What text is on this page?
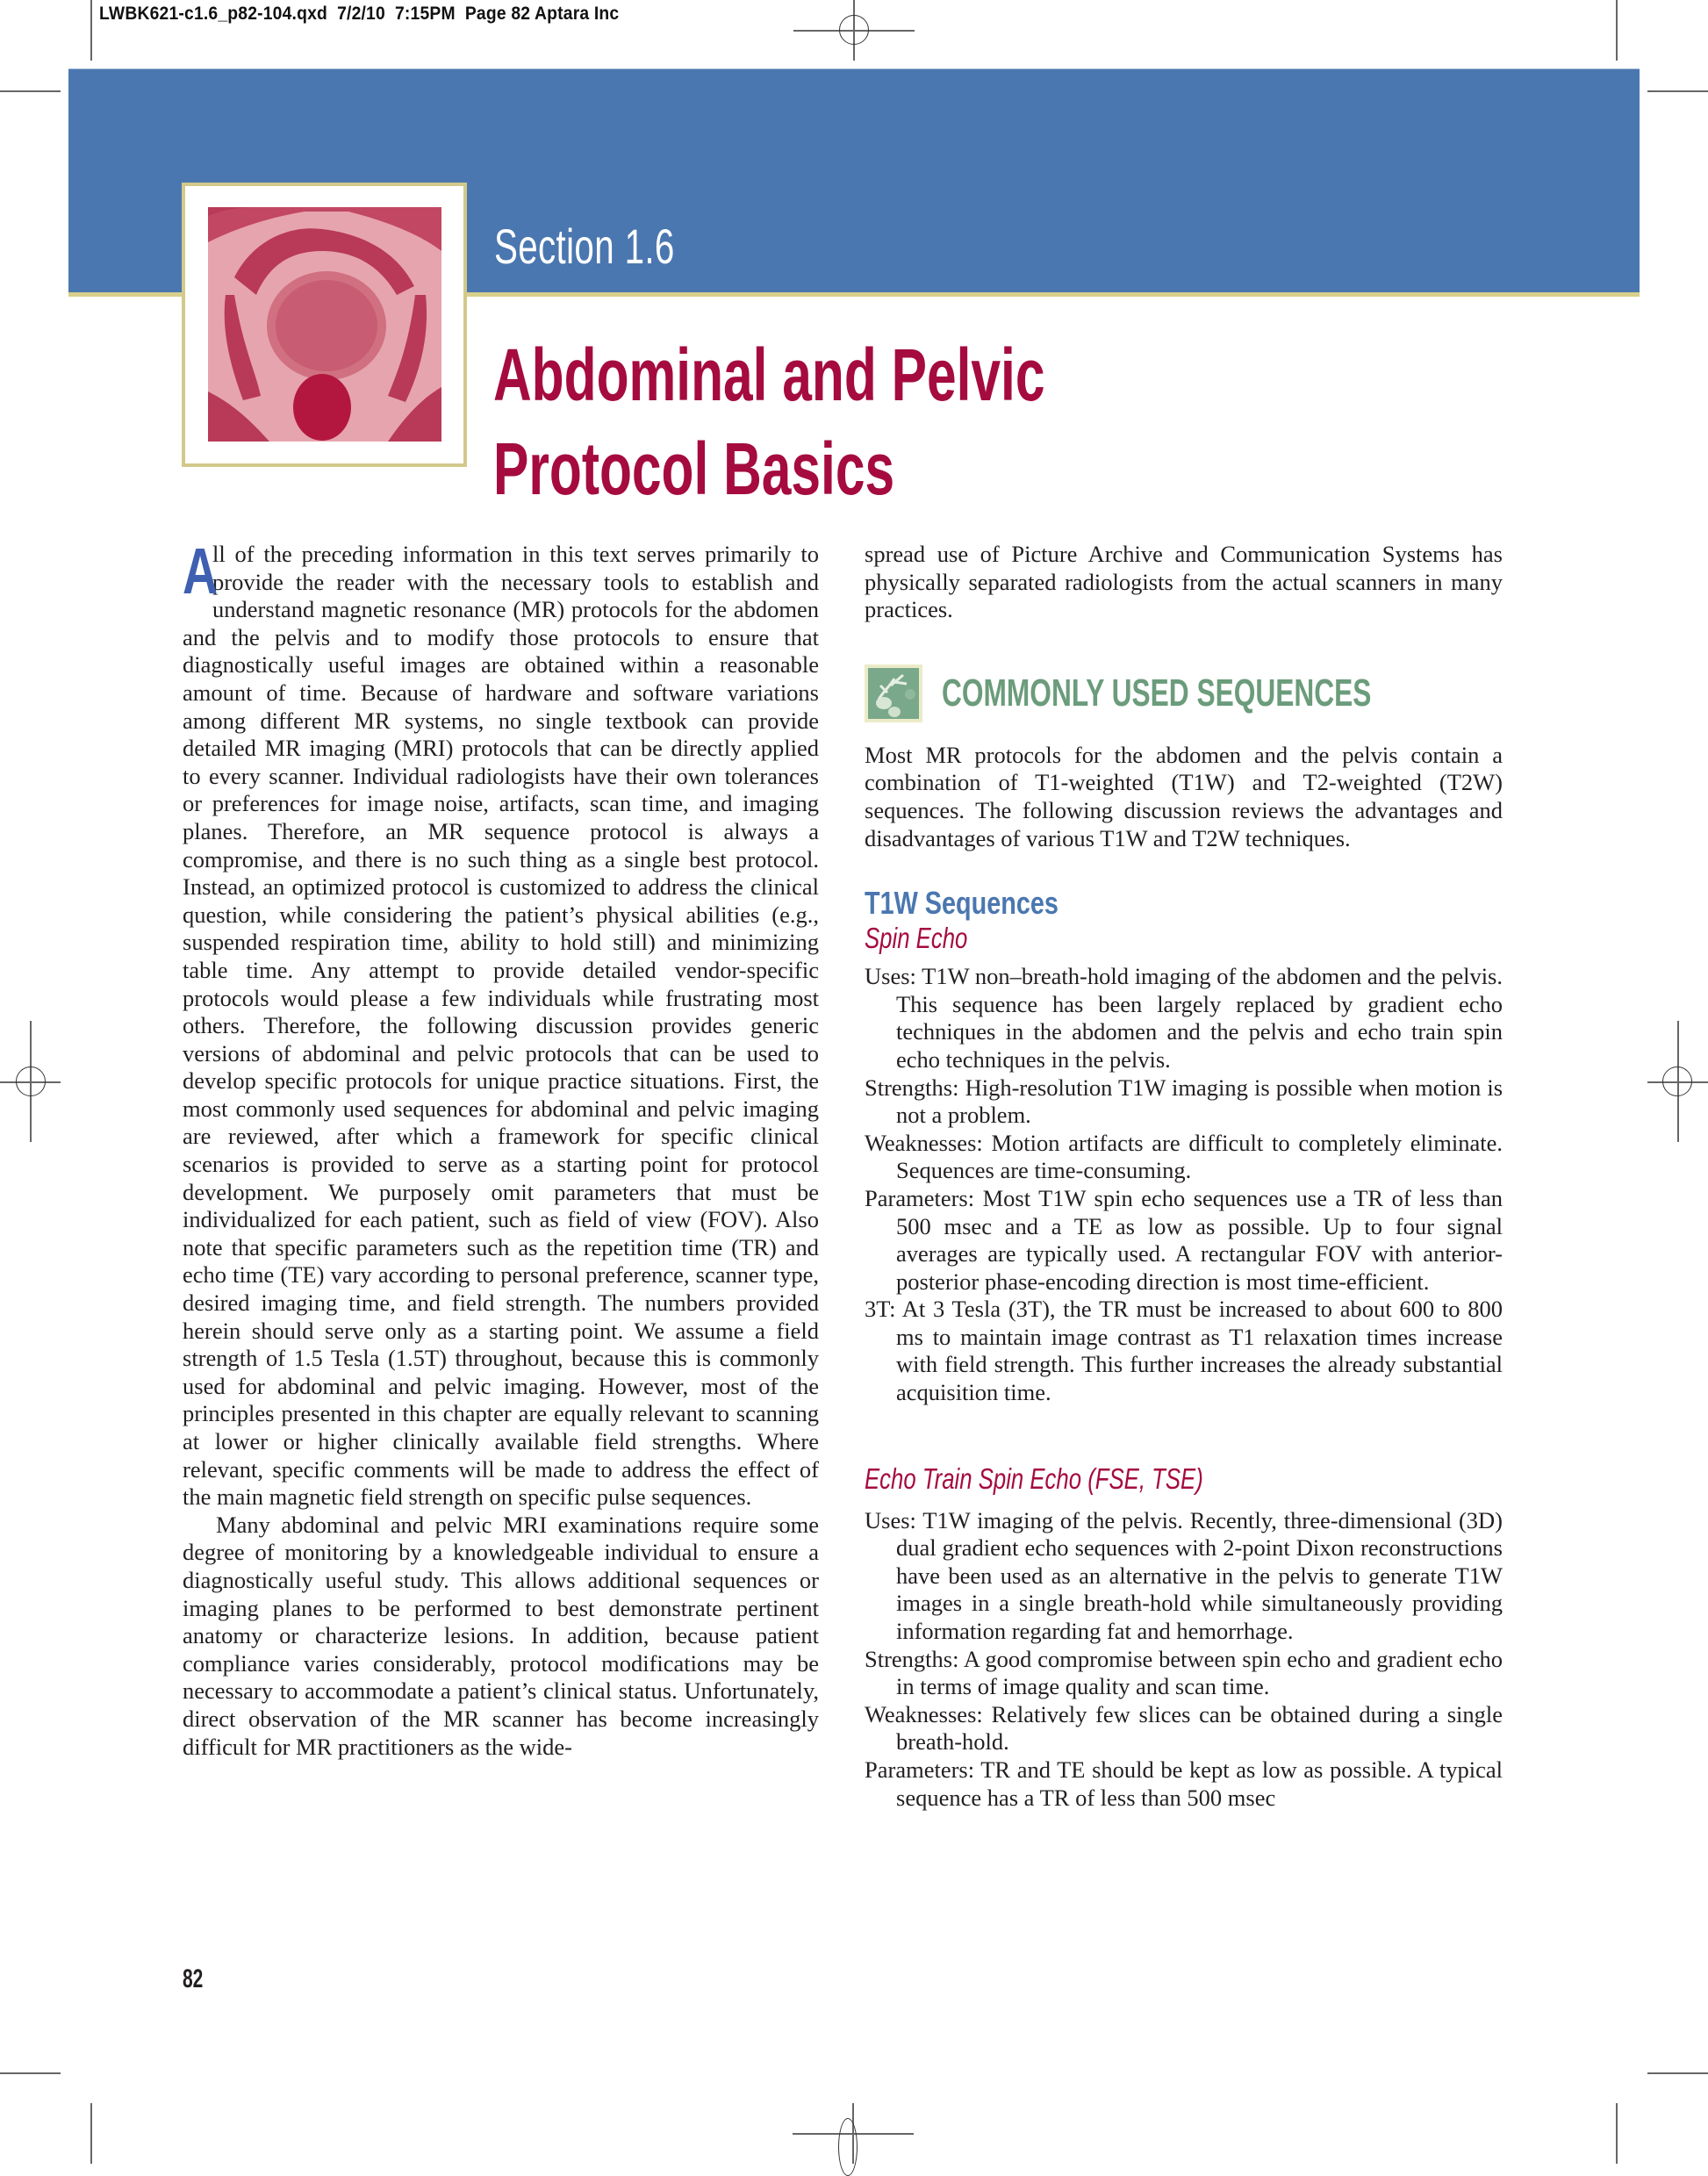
LWBK621-c1.6_p82-104.qxd  7/2/10  7:15PM  Page 82 Aptara Inc
Section 1.6
Abdominal and Pelvic
Protocol Basics

A
ll of the preceding information in this text serves primarily to provide the reader with the necessary tools to establish and understand magnetic resonance (MR) protocols for the abdomen and the pelvis and to modify those protocols to ensure that diagnostically useful images are obtained within a reasonable amount of time. Because of hardware and software variations among different MR systems, no single textbook can provide detailed MR imaging (MRI) protocols that can be directly applied to every scanner. Individual radiologists have their own tolerances or preferences for image noise, artifacts, scan time, and imaging planes. Therefore, an MR sequence protocol is always a compromise, and there is no such thing as a single best protocol. Instead, an optimized protocol is customized to address the clinical question, while considering the patient’s physical abilities (e.g., suspended respiration time, ability to hold still) and minimizing table time. Any attempt to provide detailed vendor-specific protocols would please a few individuals while frustrating most others. Therefore, the following discussion provides generic versions of abdominal and pelvic protocols that can be used to develop specific protocols for unique practice situations. First, the most commonly used sequences for abdominal and pelvic imaging are reviewed, after which a framework for specific clinical scenarios is provided to serve as a starting point for protocol development. We purposely omit parameters that must be individualized for each patient, such as field of view (FOV). Also note that specific parameters such as the repetition time (TR) and echo time (TE) vary according to personal preference, scanner type, desired imaging time, and field strength. The numbers provided herein should serve only as a starting point. We assume a field strength of 1.5 Tesla (1.5T) throughout, because this is commonly used for abdominal and pelvic imaging. However, most of the principles presented in this chapter are equally relevant to scanning at lower or higher clinically available field strengths. Where relevant, specific comments will be made to address the effect of the main magnetic field strength on specific pulse sequences.

Many abdominal and pelvic MRI examinations require some degree of monitoring by a knowledgeable individual to ensure a diagnostically useful study. This allows additional sequences or imaging planes to be performed to best demonstrate pertinent anatomy or characterize lesions. In addition, because patient compliance varies considerably, protocol modifications may be necessary to accommodate a patient’s clinical status. Unfortunately, direct observation of the MR scanner has become increasingly difficult for MR practitioners as the wide-

spread use of Picture Archive and Communication Systems has physically separated radiologists from the actual scanners in many practices.

COMMONLY USED SEQUENCES

Most MR protocols for the abdomen and the pelvis contain a combination of T1-weighted (T1W) and T2-weighted (T2W) sequences. The following discussion reviews the advantages and disadvantages of various T1W and T2W techniques.

T1W Sequences
Spin Echo

Uses: T1W non–breath-hold imaging of the abdomen and the pelvis. This sequence has been largely replaced by gradient echo techniques in the abdomen and the pelvis and echo train spin echo techniques in the pelvis.

Strengths: High-resolution T1W imaging is possible when motion is not a problem.

Weaknesses: Motion artifacts are difficult to completely eliminate. Sequences are time-consuming.

Parameters: Most T1W spin echo sequences use a TR of less than 500 msec and a TE as low as possible. Up to four signal averages are typically used. A rectangular FOV with anterior-posterior phase-encoding direction is most time-efficient.

3T: At 3 Tesla (3T), the TR must be increased to about 600 to 800 ms to maintain image contrast as T1 relaxation times increase with field strength. This further increases the already substantial acquisition time.

Echo Train Spin Echo (FSE, TSE)

Uses: T1W imaging of the pelvis. Recently, three-dimensional (3D) dual gradient echo sequences with 2-point Dixon reconstructions have been used as an alternative in the pelvis to generate T1W images in a single breath-hold while simultaneously providing information regarding fat and hemorrhage.

Strengths: A good compromise between spin echo and gradient echo in terms of image quality and scan time.

Weaknesses: Relatively few slices can be obtained during a single breath-hold.

Parameters: TR and TE should be kept as low as possible. A typical sequence has a TR of less than 500 msec

82
